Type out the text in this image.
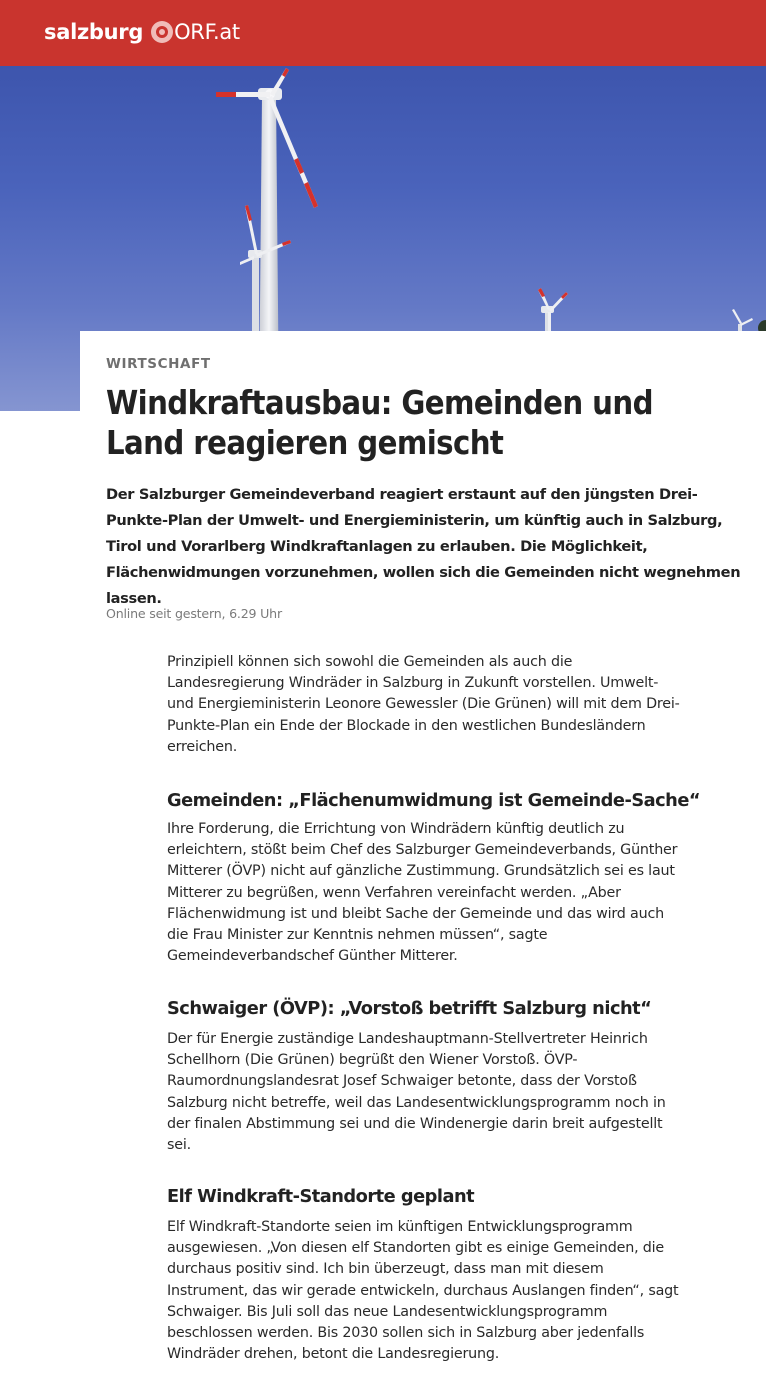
salzburg ORF.at
WIRTSCHAFT
Windkraftausbau: Gemeinden und Land reagieren gemischt

Der Salzburger Gemeindeverband reagiert erstaunt auf den jüngsten Drei-Punkte-Plan der Umwelt- und Energieministerin, um künftig auch in Salzburg, Tirol und Vorarlberg Windkraftanlagen zu erlauben. Die Möglichkeit, Flächenwidmungen vorzunehmen, wollen sich die Gemeinden nicht wegnehmen lassen.

Online seit gestern, 6.29 Uhr

Prinzipiell können sich sowohl die Gemeinden als auch die Landesregierung Windräder in Salzburg in Zukunft vorstellen. Umwelt- und Energieministerin Leonore Gewessler (Die Grünen) will mit dem Drei-Punkte-Plan ein Ende der Blockade in den westlichen Bundesländern erreichen.

Gemeinden: „Flächenumwidmung ist Gemeinde-Sache“

Ihre Forderung, die Errichtung von Windrädern künftig deutlich zu erleichtern, stößt beim Chef des Salzburger Gemeindeverbands, Günther Mitterer (ÖVP) nicht auf gänzliche Zustimmung. Grundsätzlich sei es laut Mitterer zu begrüßen, wenn Verfahren vereinfacht werden. „Aber Flächenwidmung ist und bleibt Sache der Gemeinde und das wird auch die Frau Minister zur Kenntnis nehmen müssen“, sagte Gemeindeverbandschef Günther Mitterer.

Schwaiger (ÖVP): „Vorstoß betrifft Salzburg nicht“

Der für Energie zuständige Landeshauptmann-Stellvertreter Heinrich Schellhorn (Die Grünen) begrüßt den Wiener Vorstoß. ÖVP-Raumordnungslandesrat Josef Schwaiger betonte, dass der Vorstoß Salzburg nicht betreffe, weil das Landesentwicklungsprogramm noch in der finalen Abstimmung sei und die Windenergie darin breit aufgestellt sei.

Elf Windkraft-Standorte geplant

Elf Windkraft-Standorte seien im künftigen Entwicklungsprogramm ausgewiesen. „Von diesen elf Standorten gibt es einige Gemeinden, die durchaus positiv sind. Ich bin überzeugt, dass man mit diesem Instrument, das wir gerade entwickeln, durchaus Auslangen finden“, sagt Schwaiger. Bis Juli soll das neue Landesentwicklungsprogramm beschlossen werden. Bis 2030 sollen sich in Salzburg aber jedenfalls Windräder drehen, betont die Landesregierung.
